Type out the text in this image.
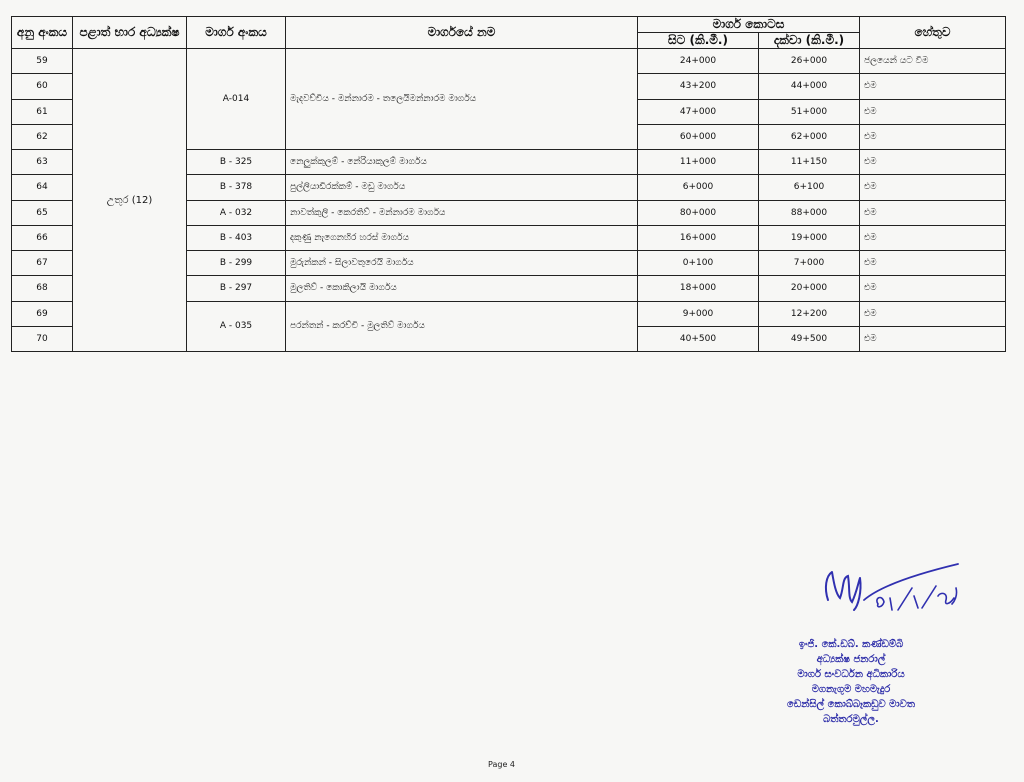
අනු අංකය	පළාත් භාර අධ්‍යක්ෂ	මාර්ග අංකය	මාර්ගයේ නම	මාර්ග කොටස		හේතුව
				සිට (කි.මී.)	දක්වා (කි.මී.)	
59	උතුර (12)	A-014	මැදවච්චිය - මන්නාරම - තලෙයිමන්නාරම මාර්ගය	24+000	26+000	ජලයෙන් යට වීම
60				43+200	44+000	එම
61				47+000	51+000	එම
62				60+000	62+000	එම
63		B - 325	නෙලුක්කුලම් - නේරියාකුලම් මාර්ගය	11+000	11+150	එම
64		B - 378	පුල්ලියාඩිරක්කම් - මඩු මාර්ගය	6+000	6+100	එම
65		A - 032	නාවත්කුලි - කෙරතිව් - මන්නාරම මාර්ගය	80+000	88+000	එම
66		B - 403	දකුණු නැගෙනහිර හරස් මාර්ගය	16+000	19+000	එම
67		B - 299	මුරුන්කන් - සිලාවතුරෙයි මාර්ගය	0+100	7+000	එම
68		B - 297	මුලතිව් - කොකිලායි මාර්ගය	18+000	20+000	එම
69		A - 035	පරන්තන් - කරච්චි - මුලතිව් මාර්ගය	9+000	12+200	එම
70				40+500	49+500	එම
ඉංජි. කේ.ඩබ්. කණ්ඩම්බි
අධ්‍යක්ෂ ජනරාල්
මාර්ග සංවර්ධන අධිකාරිය
මගනැගුම මහමැදුර
ඩෙන්සිල් කොබ්බෑකඩුව මාවත
බත්තරමුල්ල.
Page 4
